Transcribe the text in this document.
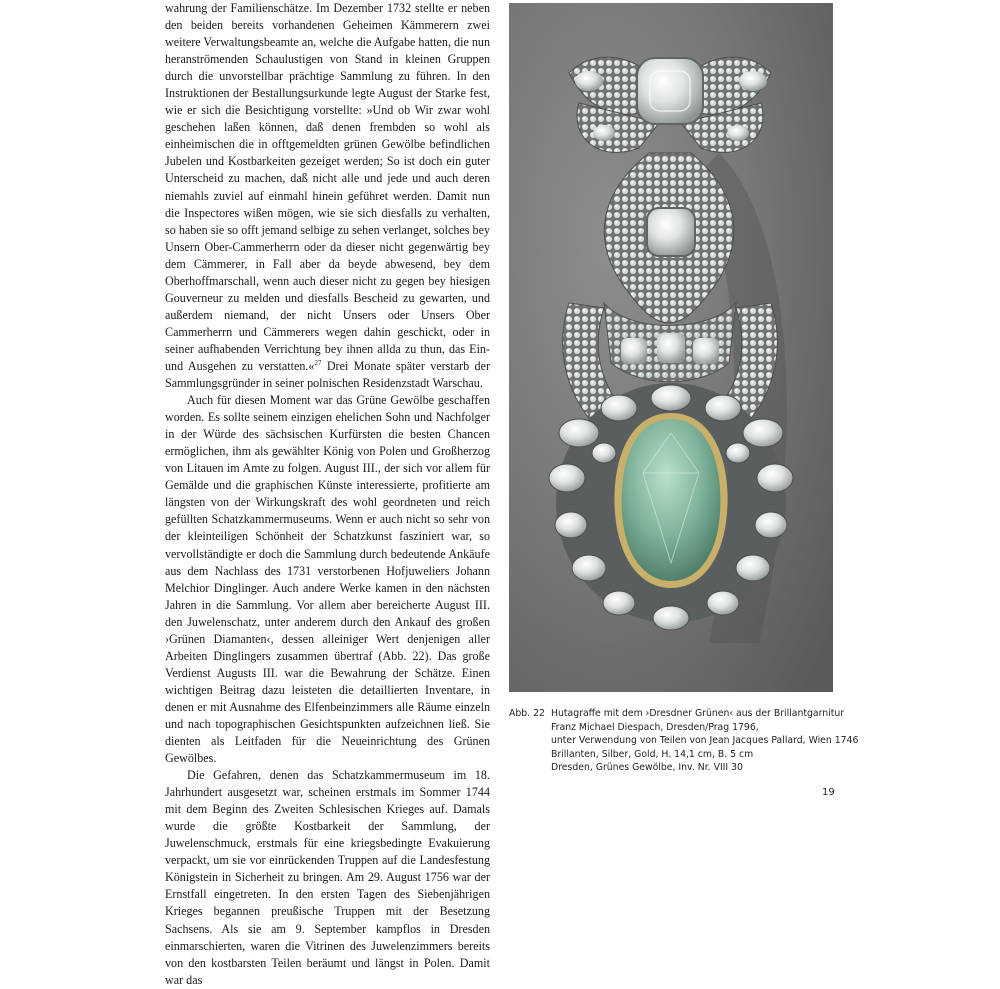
wahrung der Familienschätze. Im Dezember 1732 stellte er neben den beiden bereits vorhandenen Geheimen Kämmerern zwei weitere Verwaltungsbeamte an, welche die Aufgabe hatten, die nun heranströmenden Schaulustigen von Stand in kleinen Gruppen durch die unvorstellbar prächtige Sammlung zu führen. In den Instruktionen der Bestallungsurkunde legte August der Starke fest, wie er sich die Besichtigung vorstellte: »Und ob Wir zwar wohl geschehen laßen können, daß denen frembden so wohl als einheimischen die in offtgemeldten grünen Gewölbe befindlichen Jubelen und Kostbarkeiten gezeiget werden; So ist doch ein guter Unterscheid zu machen, daß nicht alle und jede und auch deren niemahls zuviel auf einmahl hinein geführet werden. Damit nun die Inspectores wißen mögen, wie sie sich diesfalls zu verhalten, so haben sie so offt jemand selbige zu sehen verlanget, solches bey Unsern Ober-Cammerherrn oder da dieser nicht gegenwärtig bey dem Cämmerer, in Fall aber da beyde abwesend, bey dem Oberhoffmarschall, wenn auch dieser nicht zu gegen bey hiesigen Gouverneur zu melden und diesfalls Bescheid zu gewarten, und außerdem niemand, der nicht Unsers oder Unsers Ober Cammerherrn und Cämmerers wegen dahin geschickt, oder in seiner aufhabenden Verrichtung bey ihnen allda zu thun, das Ein- und Ausgehen zu verstatten.«$^{27}$ Drei Monate später verstarb der Sammlungsgründer in seiner polnischen Residenzstadt Warschau.

Auch für diesen Moment war das Grüne Gewölbe geschaffen worden. Es sollte seinem einzigen ehelichen Sohn und Nachfolger in der Würde des sächsischen Kurfürsten die besten Chancen ermöglichen, ihm als gewählter König von Polen und Großherzog von Litauen im Amte zu folgen. August III., der sich vor allem für Gemälde und die graphischen Künste interessierte, profitierte am längsten von der Wirkungskraft des wohl geordneten und reich gefüllten Schatzkammermuseums. Wenn er auch nicht so sehr von der kleinteiligen Schönheit der Schatzkunst fasziniert war, so vervollständigte er doch die Sammlung durch bedeutende Ankäufe aus dem Nachlass des 1731 verstorbenen Hofjuweliers Johann Melchior Dinglinger. Auch andere Werke kamen in den nächsten Jahren in die Sammlung. Vor allem aber bereicherte August III. den Juwelenschatz, unter anderem durch den Ankauf des großen ›Grünen Diamanten‹, dessen alleiniger Wert denjenigen aller Arbeiten Dinglingers zusammen übertraf (Abb. 22). Das große Verdienst Augusts III. war die Bewahrung der Schätze. Einen wichtigen Beitrag dazu leisteten die detaillierten Inventare, in denen er mit Ausnahme des Elfenbeinzimmers alle Räume einzeln und nach topographischen Gesichtspunkten aufzeichnen ließ. Sie dienten als Leitfaden für die Neueinrichtung des Grünen Gewölbes.

Die Gefahren, denen das Schatzkammermuseum im 18. Jahrhundert ausgesetzt war, scheinen erstmals im Sommer 1744 mit dem Beginn des Zweiten Schlesischen Krieges auf. Damals wurde die größte Kostbarkeit der Sammlung, der Juwelenschmuck, erstmals für eine kriegsbedingte Evakuierung verpackt, um sie vor einrückenden Truppen auf die Landesfestung Königstein in Sicherheit zu bringen. Am 29. August 1756 war der Ernstfall eingetreten. In den ersten Tagen des Siebenjährigen Krieges begannen preußische Truppen mit der Besetzung Sachsens. Als sie am 9. September kampflos in Dresden einmarschierten, waren die Vitrinen des Juwelenzimmers bereits von den kostbarsten Teilen beräumt und längst in Polen. Damit war das

Abb. 22 Hutagraffe mit dem ›Dresdner Grünen‹ aus der Brillantgarnitur
Franz Michael Diespach, Dresden/Prag 1796,
unter Verwendung von Teilen von Jean Jacques Pallard, Wien 1746
Brillanten, Silber, Gold, H. 14,1 cm, B. 5 cm
Dresden, Grünes Gewölbe, Inv. Nr. VIII 30
19
